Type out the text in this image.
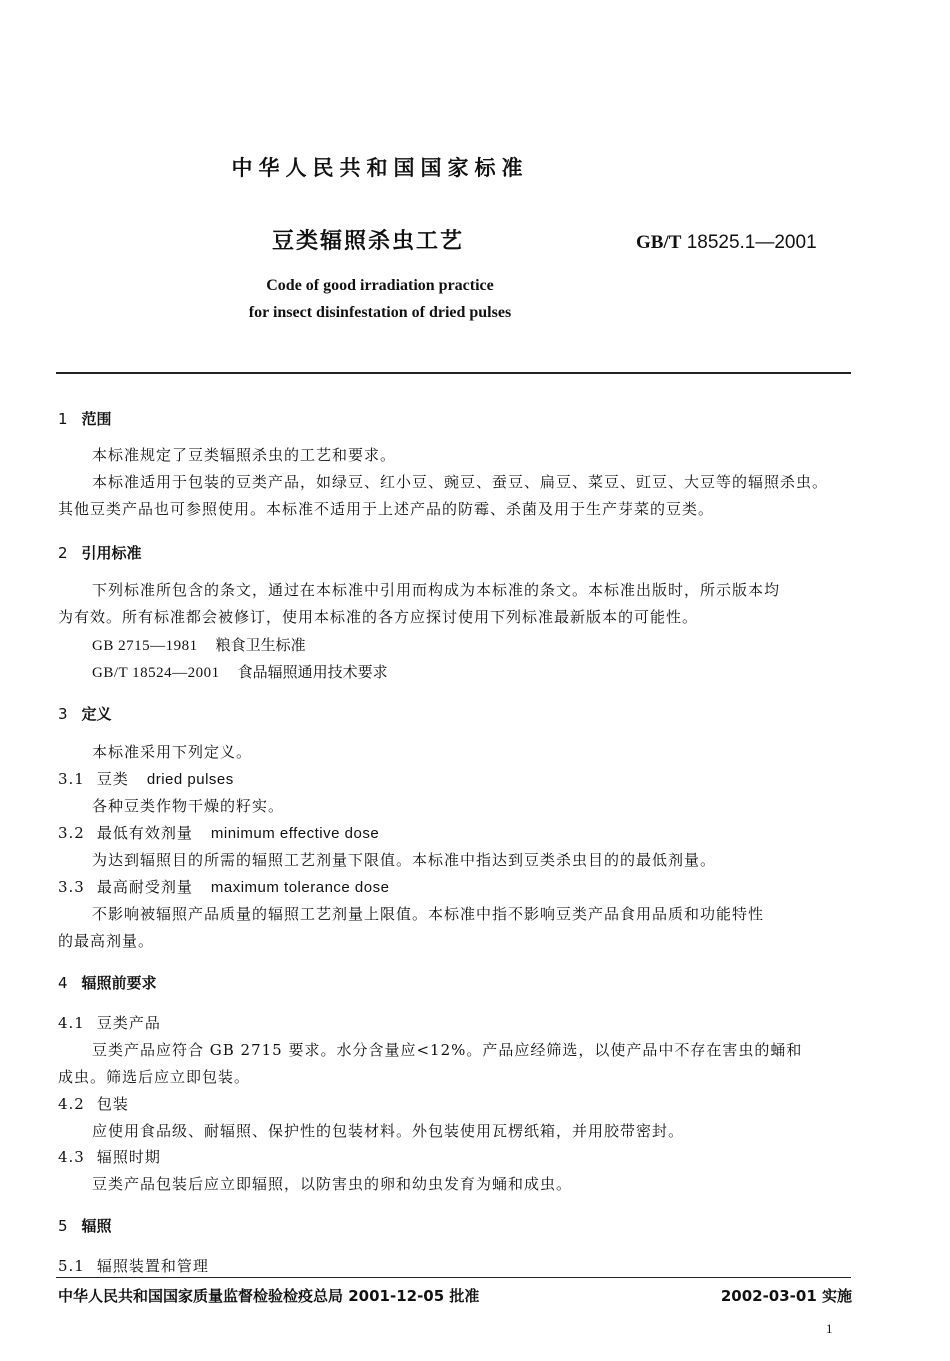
中华人民共和国国家标准
豆类辐照杀虫工艺	GB/T 18525.1—2001
Code of good irradiation practice
for insect disinfestation of dried pulses
1 范围
本标准规定了豆类辐照杀虫的工艺和要求。
本标准适用于包装的豆类产品，如绿豆、红小豆、豌豆、蚕豆、扁豆、菜豆、豇豆、大豆等的辐照杀虫。
其他豆类产品也可参照使用。本标准不适用于上述产品的防霉、杀菌及用于生产芽菜的豆类。
2 引用标准
下列标准所包含的条文，通过在本标准中引用而构成为本标准的条文。本标准出版时，所示版本均
为有效。所有标准都会被修订，使用本标准的各方应探讨使用下列标准最新版本的可能性。
GB 2715—1981 粮食卫生标准
GB/T 18524—2001 食品辐照通用技术要求
3 定义
本标准采用下列定义。
3.1 豆类 dried pulses
各种豆类作物干燥的籽实。
3.2 最低有效剂量 minimum effective dose
为达到辐照目的所需的辐照工艺剂量下限值。本标准中指达到豆类杀虫目的的最低剂量。
3.3 最高耐受剂量 maximum tolerance dose
不影响被辐照产品质量的辐照工艺剂量上限值。本标准中指不影响豆类产品食用品质和功能特性
的最高剂量。
4 辐照前要求
4.1 豆类产品
豆类产品应符合 GB 2715 要求。水分含量应<12%。产品应经筛选，以使产品中不存在害虫的蛹和
成虫。筛选后应立即包装。
4.2 包装
应使用食品级、耐辐照、保护性的包装材料。外包装使用瓦楞纸箱，并用胶带密封。
4.3 辐照时期
豆类产品包装后应立即辐照，以防害虫的卵和幼虫发育为蛹和成虫。
5 辐照
5.1 辐照装置和管理
中华人民共和国国家质量监督检验检疫总局 2001-12-05 批准	2002-03-01 实施
1
